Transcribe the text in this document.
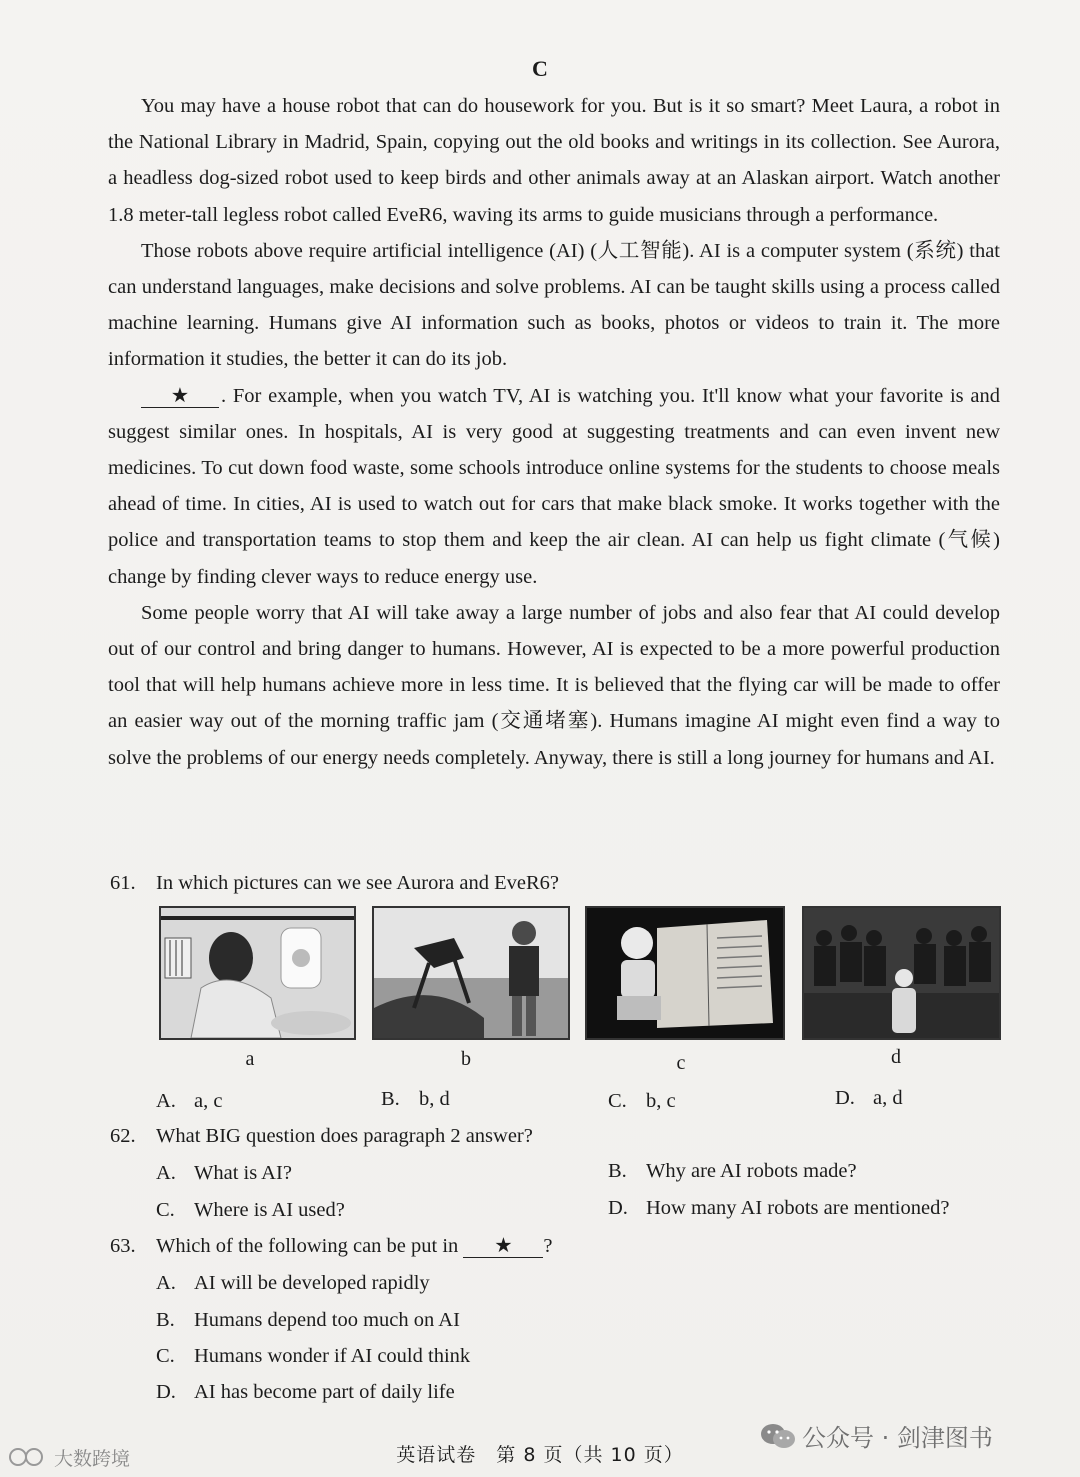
C

You may have a house robot that can do housework for you. But is it so smart? Meet Laura, a robot in the National Library in Madrid, Spain, copying out the old books and writings in its collection. See Aurora, a headless dog-sized robot used to keep birds and other animals away at an Alaskan airport. Watch another 1.8 meter-tall legless robot called EveR6, waving its arms to guide musicians through a performance.

Those robots above require artificial intelligence (AI) (人工智能). AI is a computer system (系统) that can understand languages, make decisions and solve problems. AI can be taught skills using a process called machine learning. Humans give AI information such as books, photos or videos to train it. The more information it studies, the better it can do its job.

★ . For example, when you watch TV, AI is watching you. It'll know what your favorite is and suggest similar ones. In hospitals, AI is very good at suggesting treatments and can even invent new medicines. To cut down food waste, some schools introduce online systems for the students to choose meals ahead of time. In cities, AI is used to watch out for cars that make black smoke. It works together with the police and transportation teams to stop them and keep the air clean. AI can help us fight climate (气候) change by finding clever ways to reduce energy use.

Some people worry that AI will take away a large number of jobs and also fear that AI could develop out of our control and bring danger to humans. However, AI is expected to be a more powerful production tool that will help humans achieve more in less time. It is believed that the flying car will be made to offer an easier way out of the morning traffic jam (交通堵塞). Humans imagine AI might even find a way to solve the problems of our energy needs completely. Anyway, there is still a long journey for humans and AI.

61. In which pictures can we see Aurora and EveR6?
a	b	c	d
A. a, c	B. b, d	C. b, c	D. a, d
62. What BIG question does paragraph 2 answer?
A. What is AI?	B. Why are AI robots made?
C. Where is AI used?	D. How many AI robots are mentioned?
63. Which of the following can be put in ★ ?
A. AI will be developed rapidly
B. Humans depend too much on AI
C. Humans wonder if AI could think
D. AI has become part of daily life
英语试卷　第 8 页（共 10 页）
公众号 · 剑津图书
大数跨境
